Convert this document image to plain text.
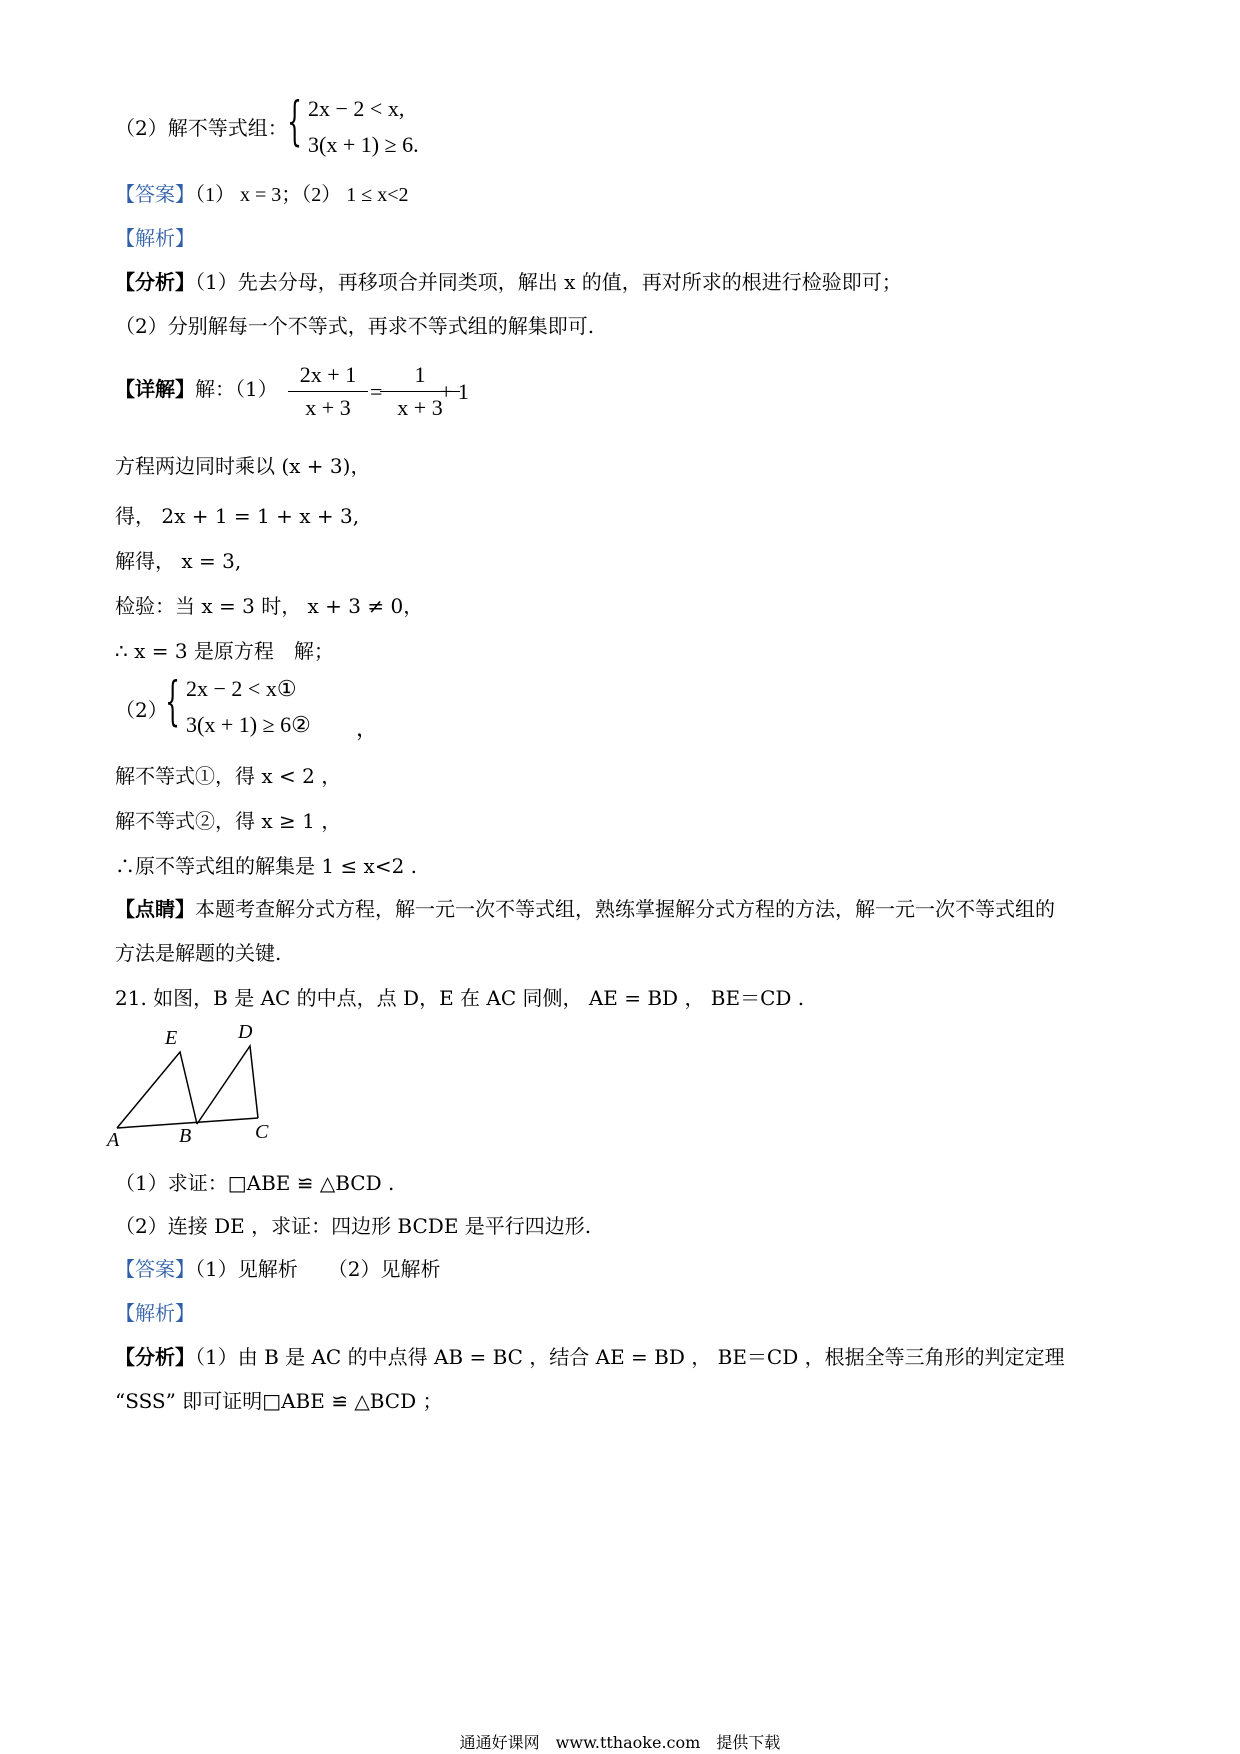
（2）解不等式组： { 2x − 2 < x,
3(x + 1) ≥ 6.
【答案】（1） x = 3；（2） 1 ≤ x<2
【解析】
【分析】（1）先去分母，再移项合并同类项，解出 x 的值，再对所求的根进行检验即可；
（2）分别解每一个不等式，再求不等式组的解集即可.
【详解】解：（1）
2x + 1
x + 3
=
1
x + 3
+ 1
方程两边同时乘以 (x + 3)，
得， 2x + 1 = 1 + x + 3,
解得， x = 3,
检验：当 x = 3 时， x + 3 ≠ 0，
∴ x = 3 是原方程　解；
（2）
{ 2x − 2 < x①
3(x + 1) ≥ 6② ，
解不等式①，得 x < 2 ，
解不等式②，得 x ≥ 1 ，
∴原不等式组的解集是 1 ≤ x<2 .
【点睛】本题考查解分式方程，解一元一次不等式组，熟练掌握解分式方程的方法，解一元一次不等式组的
方法是解题的关键.
21. 如图，B 是 AC 的中点，点 D，E 在 AC 同侧， AE = BD ， BE＝CD .
A	B	C
D
E
（1）求证：□ABE ≌ △BCD .
（2）连接 DE ，求证：四边形 BCDE 是平行四边形.
【答案】（1）见解析　　（2）见解析
【解析】
【分析】（1）由 B 是 AC 的中点得 AB = BC ，结合 AE = BD ， BE＝CD ，根据全等三角形的判定定理
“SSS” 即可证明□ABE ≌ △BCD ；
通通好课网　www.tthaoke.com　提供下载
